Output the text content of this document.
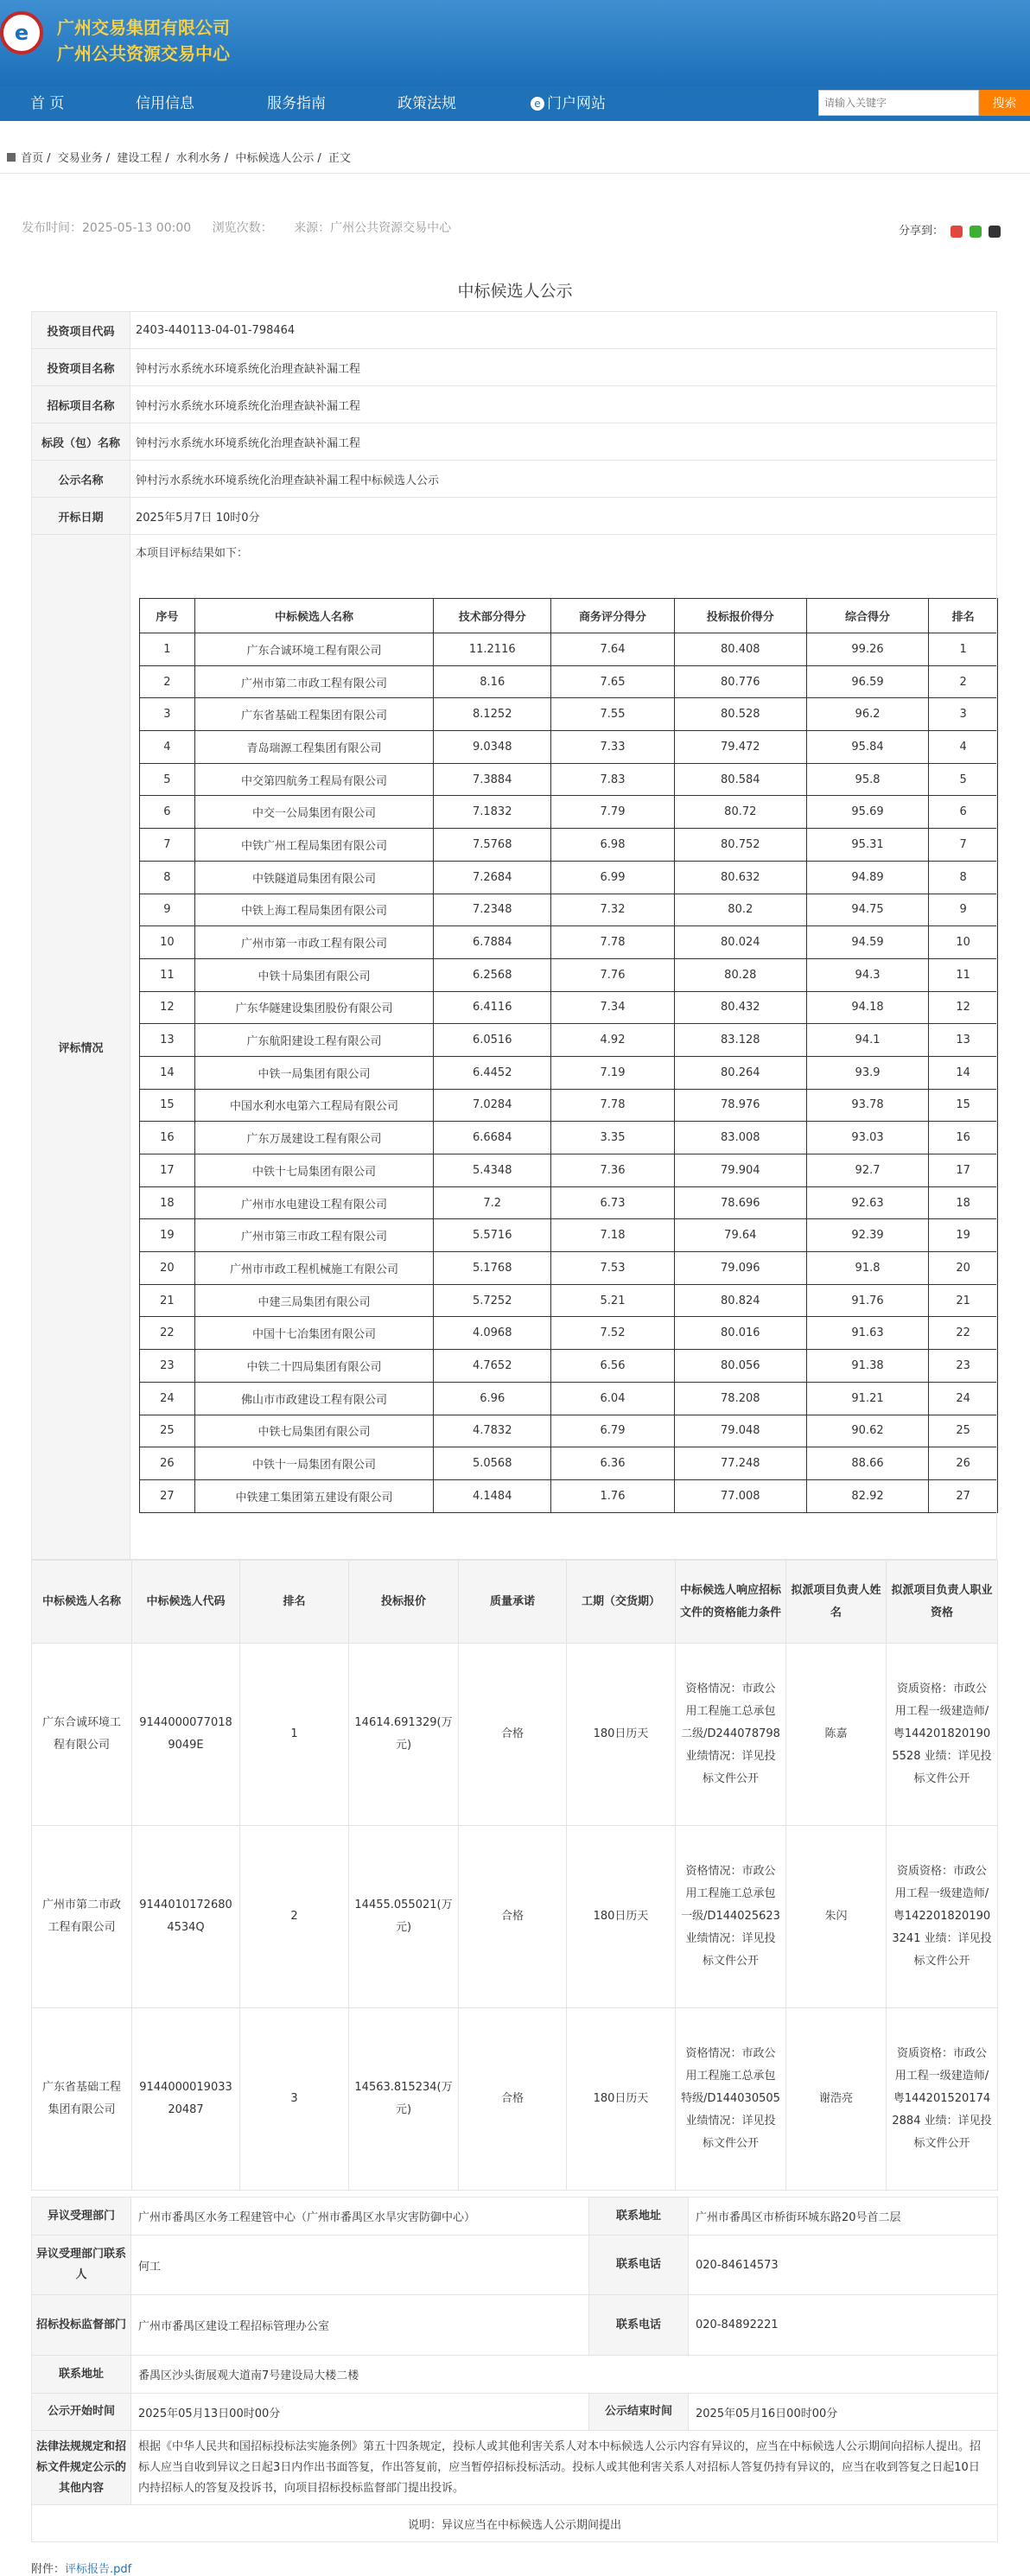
e	广州交易集团有限公司
广州公共资源交易中心
首 页	信用信息	服务指南	政策法规	e 门户网站
请输入关键字	搜索
首页 / 交易业务 / 建设工程 / 水利水务 / 中标候选人公示 / 正文
发布时间：2025-05-13 00:00 浏览次数： 来源：广州公共资源交易中心	分享到：
中标候选人公示
投资项目代码	2403-440113-04-01-798464
投资项目名称	钟村污水系统水环境系统化治理查缺补漏工程
招标项目名称	钟村污水系统水环境系统化治理查缺补漏工程
标段（包）名称	钟村污水系统水环境系统化治理查缺补漏工程
公示名称	钟村污水系统水环境系统化治理查缺补漏工程中标候选人公示
开标日期	2025年5月7日 10时0分
评标情况	
本项目评标结果如下：
序号	中标候选人名称	技术部分得分	商务评分得分	投标报价得分	综合得分	排名
1	广东合诚环境工程有限公司	11.2116	7.64	80.408	99.26	1
2	广州市第二市政工程有限公司	8.16	7.65	80.776	96.59	2
3	广东省基础工程集团有限公司	8.1252	7.55	80.528	96.2	3
4	青岛瑞源工程集团有限公司	9.0348	7.33	79.472	95.84	4
5	中交第四航务工程局有限公司	7.3884	7.83	80.584	95.8	5
6	中交一公局集团有限公司	7.1832	7.79	80.72	95.69	6
7	中铁广州工程局集团有限公司	7.5768	6.98	80.752	95.31	7
8	中铁隧道局集团有限公司	7.2684	6.99	80.632	94.89	8
9	中铁上海工程局集团有限公司	7.2348	7.32	80.2	94.75	9
10	广州市第一市政工程有限公司	6.7884	7.78	80.024	94.59	10
11	中铁十局集团有限公司	6.2568	7.76	80.28	94.3	11
12	广东华隧建设集团股份有限公司	6.4116	7.34	80.432	94.18	12
13	广东航阳建设工程有限公司	6.0516	4.92	83.128	94.1	13
14	中铁一局集团有限公司	6.4452	7.19	80.264	93.9	14
15	中国水利水电第六工程局有限公司	7.0284	7.78	78.976	93.78	15
16	广东万晟建设工程有限公司	6.6684	3.35	83.008	93.03	16
17	中铁十七局集团有限公司	5.4348	7.36	79.904	92.7	17
18	广州市水电建设工程有限公司	7.2	6.73	78.696	92.63	18
19	广州市第三市政工程有限公司	5.5716	7.18	79.64	92.39	19
20	广州市市政工程机械施工有限公司	5.1768	7.53	79.096	91.8	20
21	中建三局集团有限公司	5.7252	5.21	80.824	91.76	21
22	中国十七冶集团有限公司	4.0968	7.52	80.016	91.63	22
23	中铁二十四局集团有限公司	4.7652	6.56	80.056	91.38	23
24	佛山市市政建设工程有限公司	6.96	6.04	78.208	91.21	24
25	中铁七局集团有限公司	4.7832	6.79	79.048	90.62	25
26	中铁十一局集团有限公司	5.0568	6.36	77.248	88.66	26
27	中铁建工集团第五建设有限公司	4.1484	1.76	77.008	82.92	27
中标候选人名称	中标候选人代码	排名	投标报价	质量承诺	工期（交货期）	中标候选人响应招标文件的资格能力条件	拟派项目负责人姓名	拟派项目负责人职业资格
广东合诚环境工程有限公司	91440000770189049E	1	14614.691329(万元)	合格	180日历天	资格情况：市政公用工程施工总承包二级/D244078798 业绩情况：详见投标文件公开	陈嘉	资质资格：市政公用工程一级建造师/粤1442018201905528 业绩：详见投标文件公开
广州市第二市政工程有限公司	91440101726804534Q	2	14455.055021(万元)	合格	180日历天	资格情况：市政公用工程施工总承包一级/D144025623 业绩情况：详见投标文件公开	朱闪	资质资格：市政公用工程一级建造师/粤1422018201903241 业绩：详见投标文件公开
广东省基础工程集团有限公司	91440000190332048​7	3	14563.815234(万元)	合格	180日历天	资格情况：市政公用工程施工总承包特级/D144030505 业绩情况：详见投标文件公开	谢浩亮	资质资格：市政公用工程一级建造师/粤1442015201742884 业绩：详见投标文件公开
异议受理部门	广州市番禺区水务工程建管中心（广州市番禺区水旱灾害防御中心）	联系地址	广州市番禺区市桥街环城东路20号首二层
异议受理部门联系人	何工	联系电话	020-84614573
招标投标监督部门	广州市番禺区建设工程招标管理办公室	联系电话	020-84892221
联系地址	番禺区沙头街展观大道南7号建设局大楼二楼		
公示开始时间	2025年05月13日00时00分	公示结束时间	2025年05月16日00时00分
法律法规规定和招标文件规定公示的其他内容	根据《中华人民共和国招标投标法实施条例》第五十四条规定，投标人或其他利害关系人对本中标候选人公示内容有异议的，应当在中标候选人公示期间向招标人提出。招标人应当自收到异议之日起3日内作出书面答复，作出答复前，应当暂停招标投标活动。投标人或其他利害关系人对招标人答复仍持有异议的，应当在收到答复之日起10日内持招标人的答复及投诉书，向项目招标投标监督部门提出投诉。		
说明：异议应当在中标候选人公示期间提出			
附件：评标报告.pdf
